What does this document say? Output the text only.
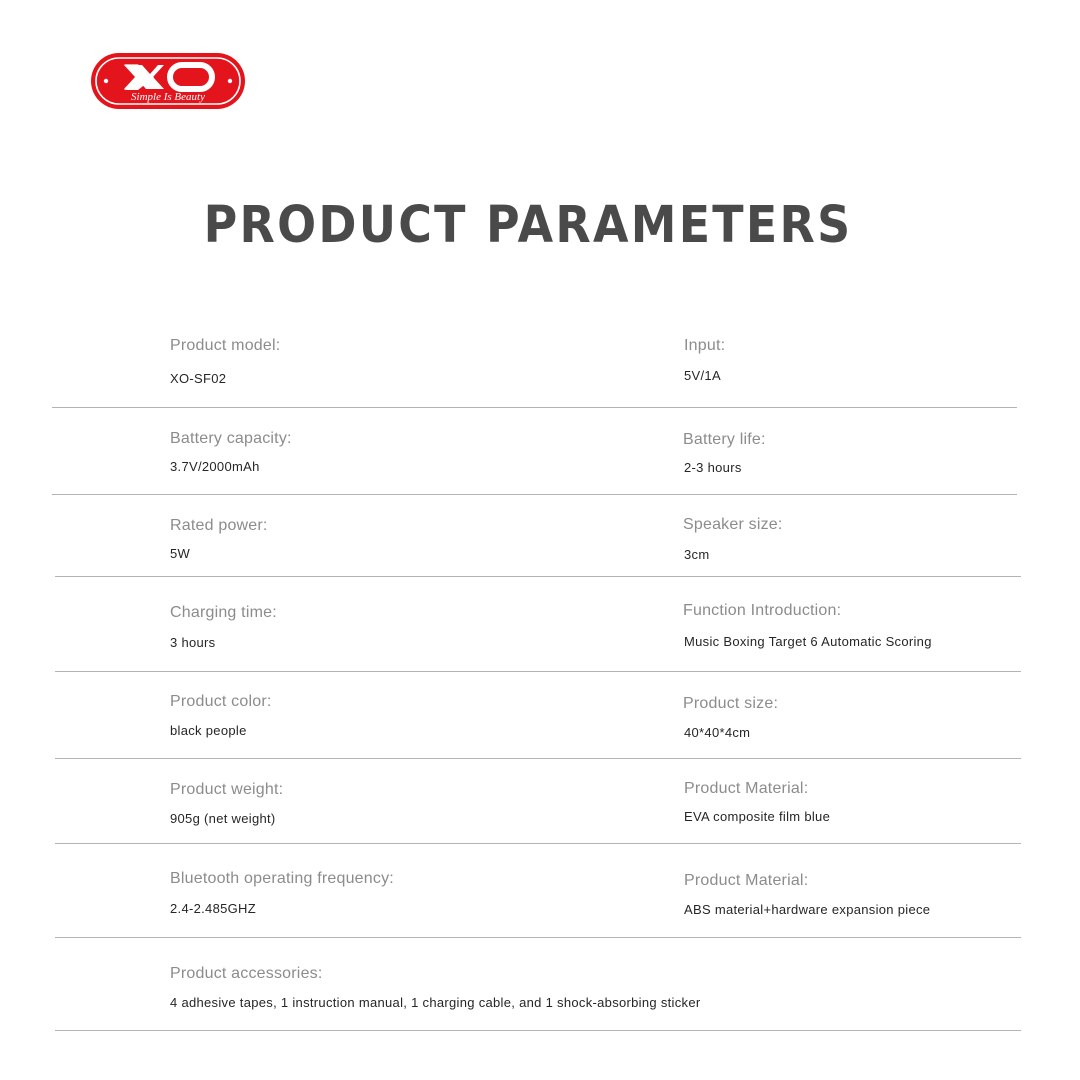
Simple Is Beauty
PRODUCT PARAMETERS
Product model:
XO-SF02
Input:
5V/1A
Battery capacity:
3.7V/2000mAh
Battery life:
2-3 hours
Rated power:
5W
Speaker size:
3cm
Charging time:
3 hours
Function Introduction:
Music Boxing Target 6 Automatic Scoring
Product color:
black people
Product size:
40*40*4cm
Product weight:
905g (net weight)
Product Material:
EVA composite film blue
Bluetooth operating frequency:
2.4-2.485GHZ
Product Material:
ABS material+hardware expansion piece
Product accessories:
4 adhesive tapes, 1 instruction manual, 1 charging cable, and 1 shock-absorbing sticker
